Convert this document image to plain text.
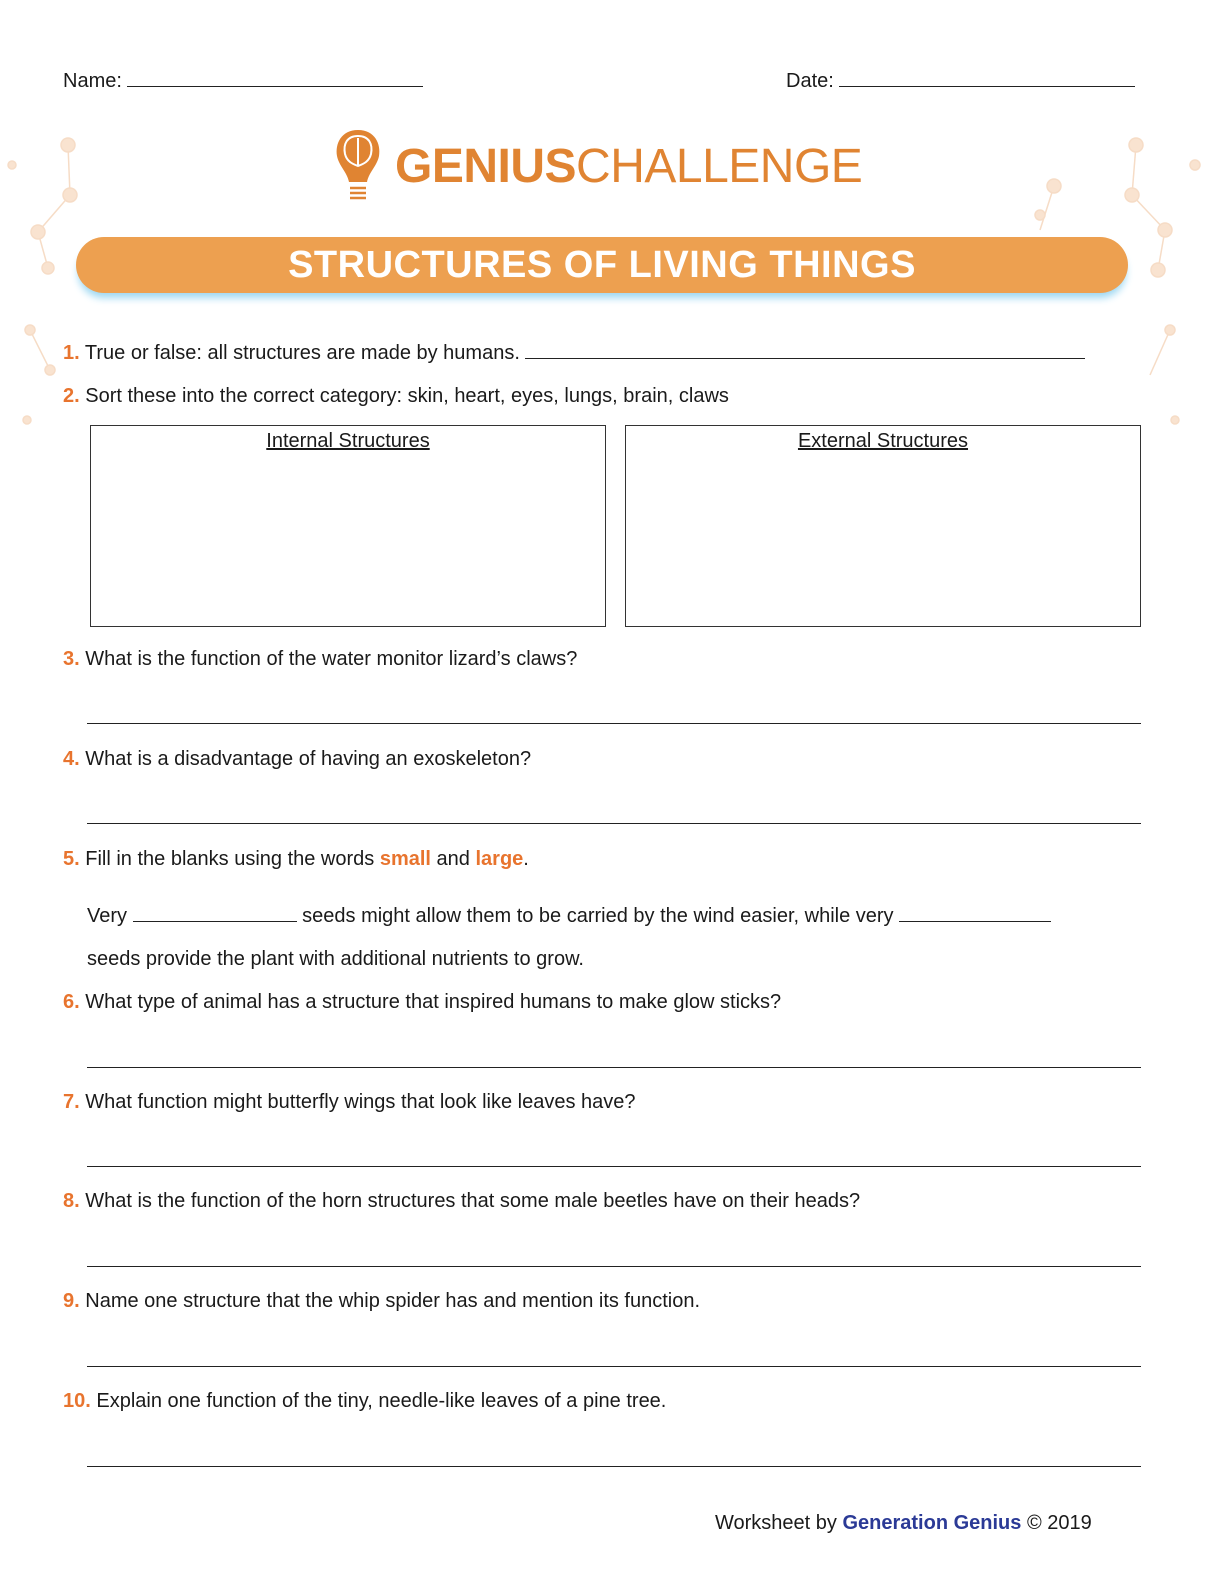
Name:	Date:
GENIUSCHALLENGE
STRUCTURES OF LIVING THINGS
1. True or false: all structures are made by humans.
2. Sort these into the correct category: skin, heart, eyes, lungs, brain, claws
Internal Structures	External Structures
3. What is the function of the water monitor lizard’s claws?
4. What is a disadvantage of having an exoskeleton?
5. Fill in the blanks using the words small and large.
Very	seeds might allow them to be carried by the wind easier, while very
seeds provide the plant with additional nutrients to grow.
6. What type of animal has a structure that inspired humans to make glow sticks?
7. What function might butterfly wings that look like leaves have?
8. What is the function of the horn structures that some male beetles have on their heads?
9. Name one structure that the whip spider has and mention its function.
10. Explain one function of the tiny, needle-like leaves of a pine tree.
Worksheet by Generation Genius © 2019
